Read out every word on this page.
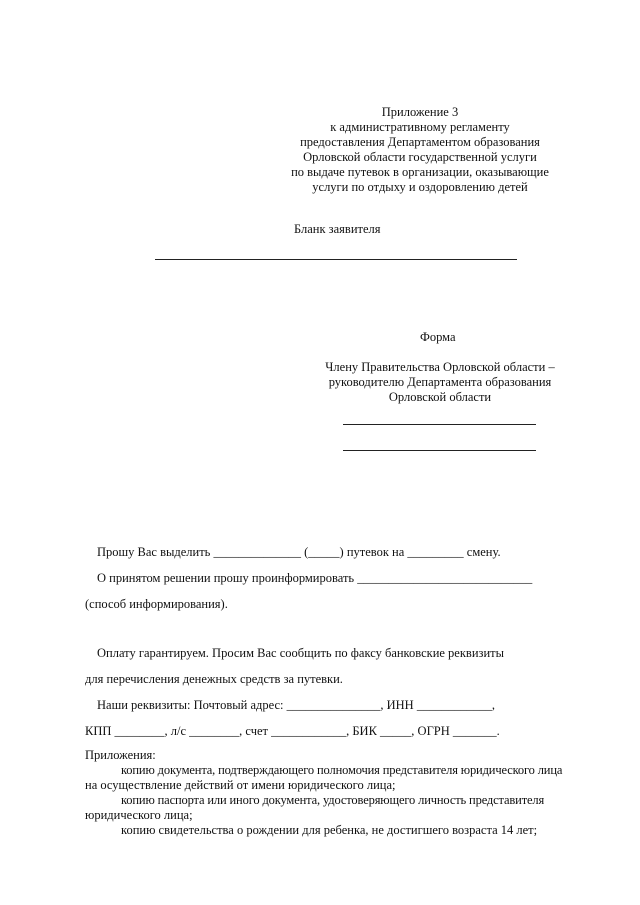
Приложение 3
к административному регламенту
предоставления Департаментом образования
Орловской области государственной услуги
по выдаче путевок в организации, оказывающие
услуги по отдыху и оздоровлению детей
Бланк заявителя
Форма
Члену Правительства Орловской области –
руководителю Департамента образования
Орловской области
Прошу Вас выделить ______________ (_____) путевок на _________ смену.
О принятом решении прошу проинформировать ____________________________
(способ информирования).
Оплату гарантируем. Просим Вас сообщить по факсу банковские реквизиты
для перечисления денежных средств за путевки.
Наши реквизиты: Почтовый адрес: _______________, ИНН ____________,
КПП ________, л/с ________, счет ____________, БИК _____, ОГРН _______.
Приложения:
копию документа, подтверждающего полномочия представителя юридического лица
на осуществление действий от имени юридического лица;
копию паспорта или иного документа, удостоверяющего личность представителя
юридического лица;
копию свидетельства о рождении для ребенка, не достигшего возраста 14 лет;
